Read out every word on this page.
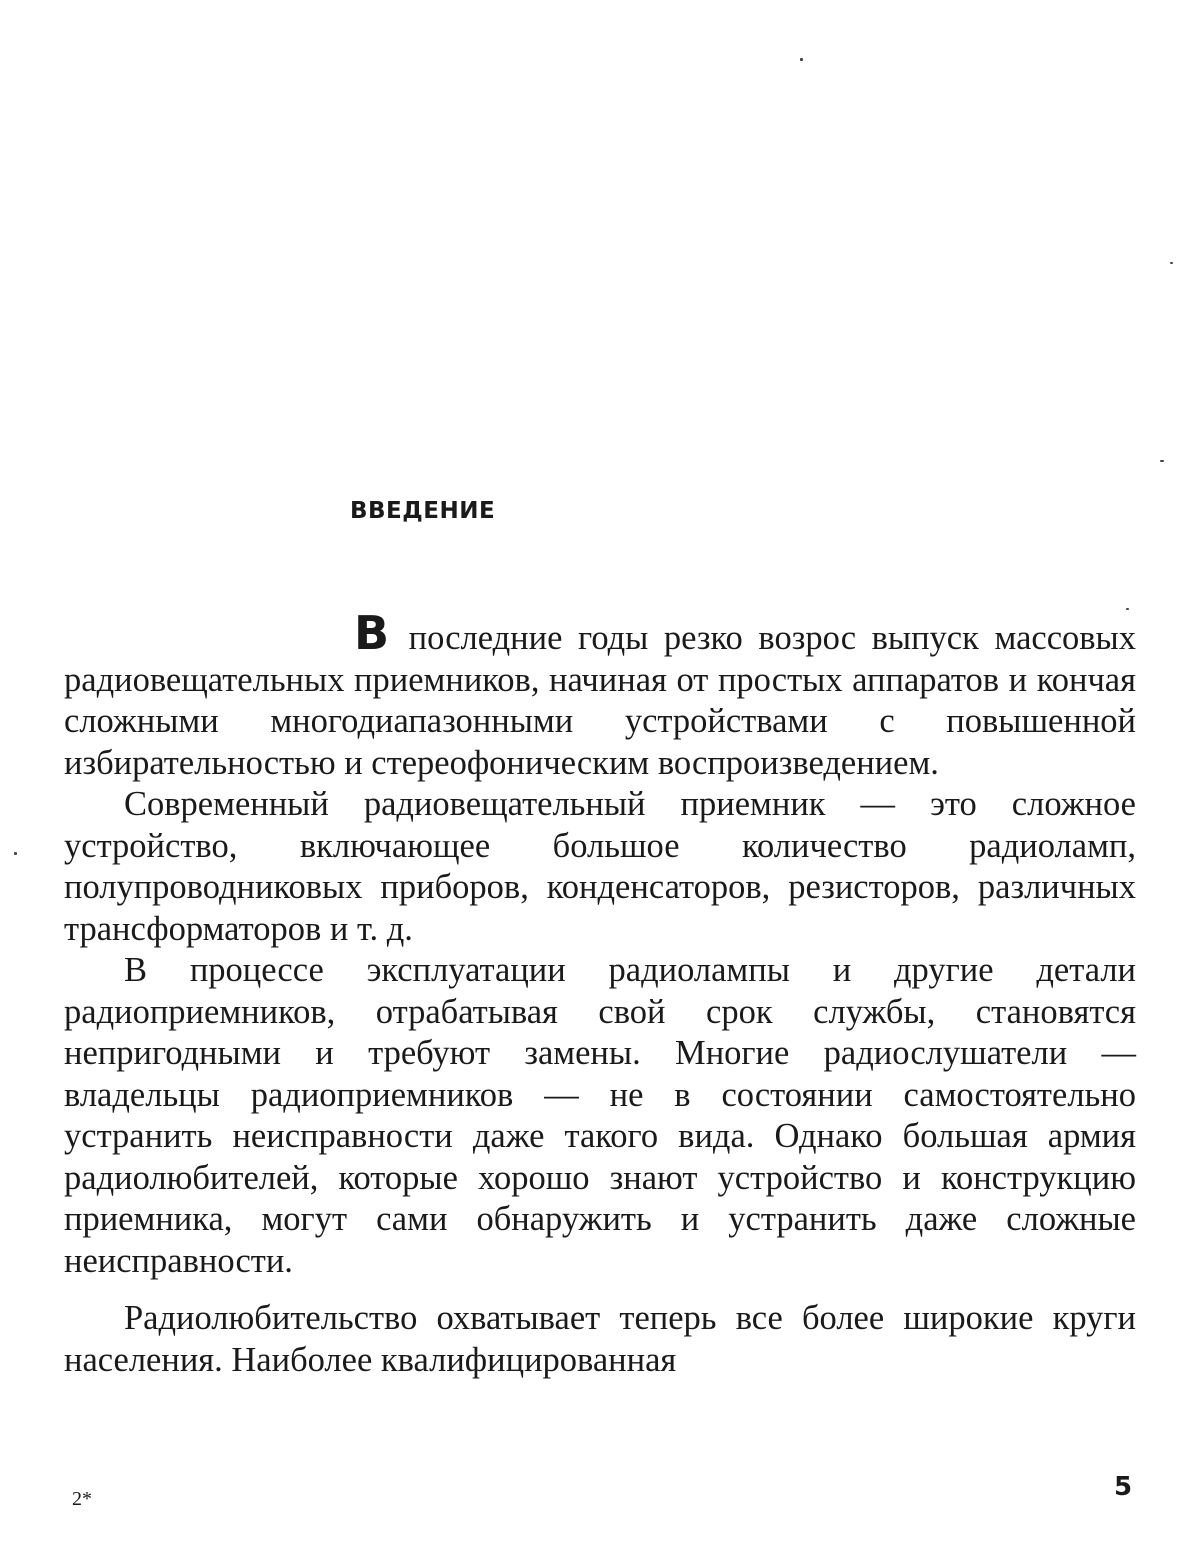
ВВЕДЕНИЕ

В последние годы резко возрос выпуск массовых радиовещательных приемников, начиная от простых аппаратов и кончая сложными многодиапазонными устройствами с повышенной избирательностью и стереофоническим воспроизведением.

Современный радиовещательный приемник — это сложное устройство, включающее большое количество радиоламп, полупроводниковых приборов, конденсаторов, резисторов, различных трансформаторов и т. д.

В процессе эксплуатации радиолампы и другие детали радиоприемников, отрабатывая свой срок службы, становятся непригодными и требуют замены. Многие радиослушатели — владельцы радиоприемников — не в состоянии самостоятельно устранить неисправности даже такого вида. Однако большая армия радиолюбителей, которые хорошо знают устройство и конструкцию приемника, могут сами обнаружить и устранить даже сложные неисправности.

Радиолюбительство охватывает теперь все более широкие круги населения. Наиболее квалифицированная

2*	5
